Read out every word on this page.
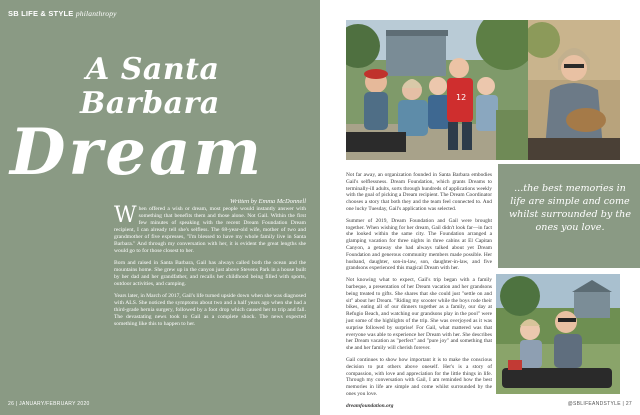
SB LIFE & STYLE philanthropy
A Santa
Barbara
Dream
Written by Emma McDonnell

When offered a wish or dream, most people would instantly answer with something that benefits them and those alone. Not Gail. Within the first few minutes of speaking with the recent Dream Foundation Dream recipient, I can already tell she's selfless. The 68-year-old wife, mother of two and grandmother of five expresses, "I'm blessed to have my whole family live in Santa Barbara." And through my conversation with her, it is evident the great lengths she would go to for those closest to her.

Born and raised in Santa Barbara, Gail has always called both the ocean and the mountains home. She grew up in the canyon just above Stevens Park in a house built by her dad and her grandfather, and recalls her childhood being filled with sports, outdoor activities, and camping.

Years later, in March of 2017, Gail's life turned upside down when she was diagnosed with ALS. She noticed the symptoms about two and a half years ago when she had a third-grade hernia surgery, followed by a foot drop which caused her to trip and fall. The devastating news took to Gail as a complete shock. The news expected something like this to happen to her.

26 | JANUARY/FEBRUARY 2020
12

Not far away, an organization founded in Santa Barbara embodies Gail's selflessness. Dream Foundation, which grants Dreams to terminally-ill adults, sorts through hundreds of applications weekly with the goal of picking a Dream recipient. The Dream Coordinator chooses a story that both they and the team feel connected to. And one lucky Tuesday, Gail's application was selected.

Summer of 2019, Dream Foundation and Gail were brought together. When wishing for her dream, Gail didn't look far—in fact she looked within the same city. The Foundation arranged a glamping vacation for three nights in three cabins at El Capitan Canyon, a getaway she had always talked about yet Dream Foundation and generous community members made possible. Her husband, daughter, son-in-law, son, daughter-in-law, and five grandsons experienced this magical Dream with her.

Not knowing what to expect, Gail's trip began with a family barbeque, a presentation of her Dream vacation and her grandsons being treated to gifts. She shares that she could just "settle on and sit" about her Dream. "Riding my scooter while the boys rode their bikes, eating all of our dinners together as a family, our day at Refugio Beach, and watching our grandsons play in the pool" were just some of the highlights of the trip. She was overjoyed as it was surprise followed by surprise! For Gail, what mattered was that everyone was able to experience her Dream with her. She describes her Dream vacation as "perfect" and "pure joy" and something that she and her family will cherish forever.

Gail continues to show how important it is to make the conscious decision to put others above oneself. Her's is a story of compassion, with love and appreciation for the little things in life. Through my conversation with Gail, I am reminded how the best memories in life are simple and come whilst surrounded by the ones you love.

dreamfoundation.org

...the best memories in life are simple and come whilst surrounded by the ones you love.
@SBLIFEANDSTYLE | 27
